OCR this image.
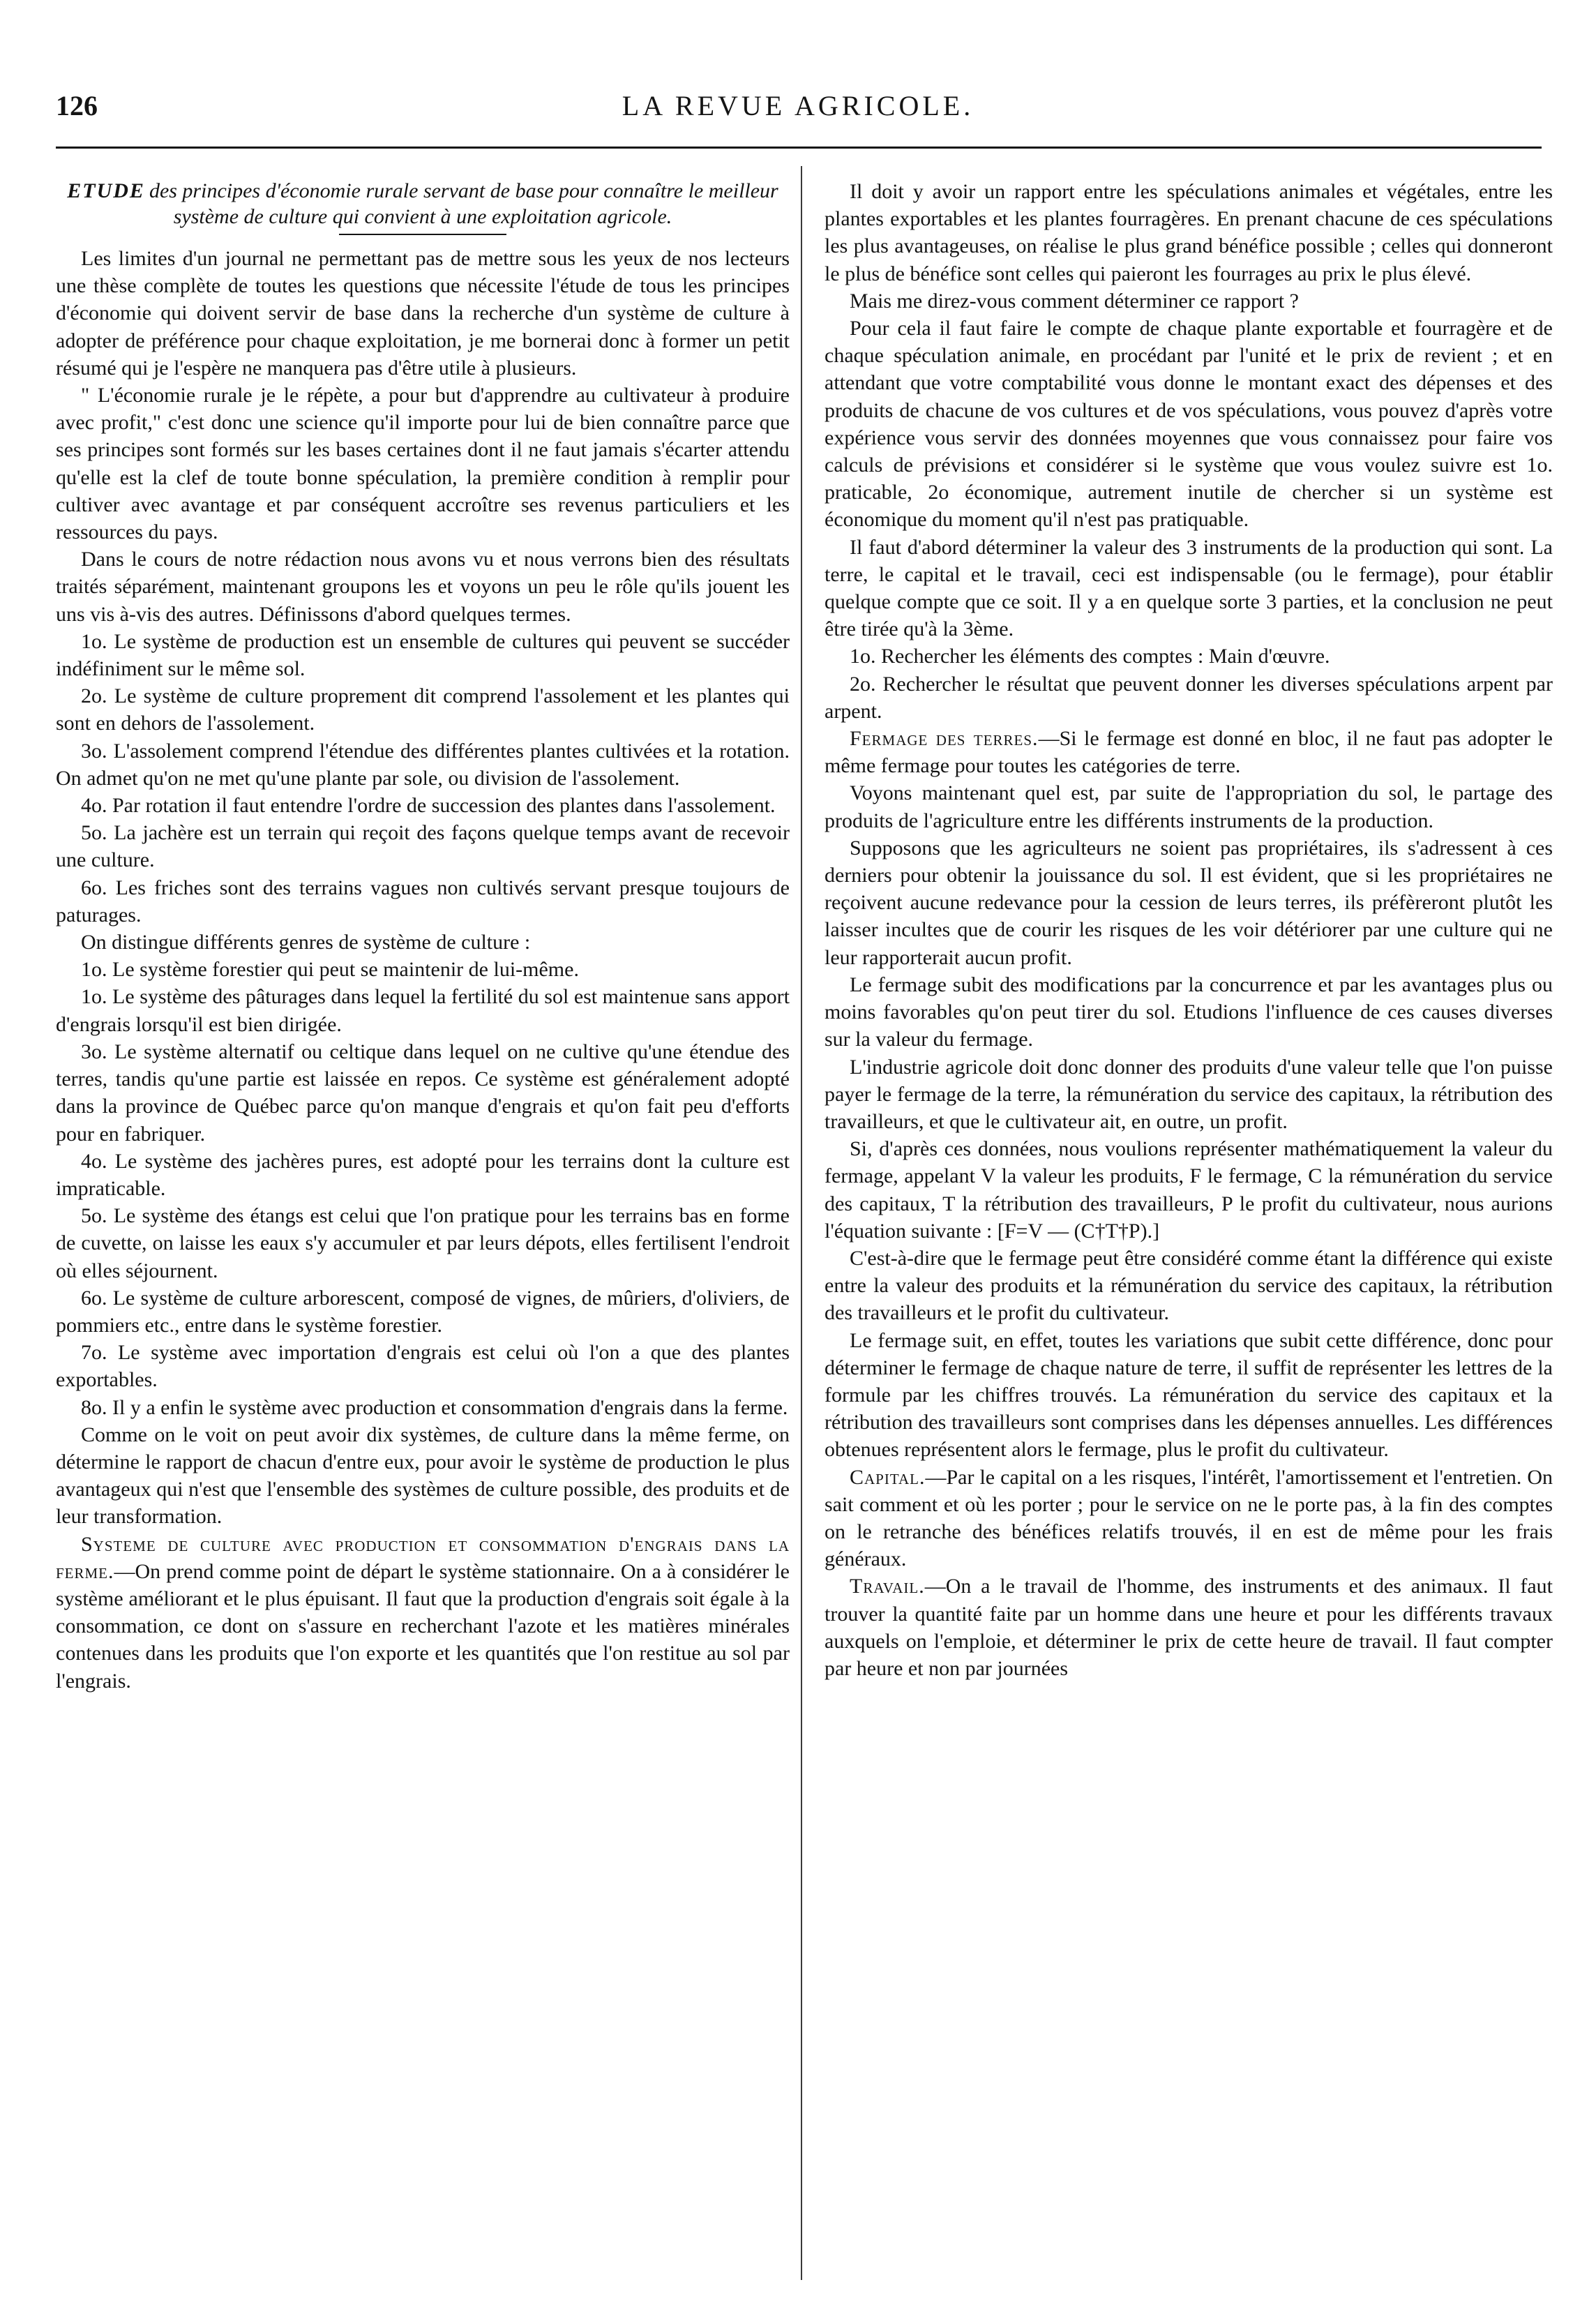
126	LA REVUE AGRICOLE.
ETUDE des principes d'économie rurale servant de base pour connaître le meilleur système de culture qui convient à une exploitation agricole.

Les limites d'un journal ne permettant pas de mettre sous les yeux de nos lecteurs une thèse complète de toutes les questions que nécessite l'étude de tous les principes d'économie qui doivent servir de base dans la recherche d'un système de culture à adopter de préférence pour chaque exploitation, je me bornerai donc à former un petit résumé qui je l'espère ne manquera pas d'être utile à plusieurs.

" L'économie rurale je le répète, a pour but d'apprendre au cultivateur à produire avec profit," c'est donc une science qu'il importe pour lui de bien connaître parce que ses principes sont formés sur les bases certaines dont il ne faut jamais s'écarter attendu qu'elle est la clef de toute bonne spéculation, la première condition à remplir pour cultiver avec avantage et par conséquent accroître ses revenus particuliers et les ressources du pays.

Dans le cours de notre rédaction nous avons vu et nous verrons bien des résultats traités séparément, maintenant groupons les et voyons un peu le rôle qu'ils jouent les uns vis à-vis des autres. Définissons d'abord quelques termes.

1o. Le système de production est un ensemble de cultures qui peuvent se succéder indéfiniment sur le même sol.

2o. Le système de culture proprement dit comprend l'assolement et les plantes qui sont en dehors de l'assolement.

3o. L'assolement comprend l'étendue des différentes plantes cultivées et la rotation. On admet qu'on ne met qu'une plante par sole, ou division de l'assolement.

4o. Par rotation il faut entendre l'ordre de succession des plantes dans l'assolement.

5o. La jachère est un terrain qui reçoit des façons quelque temps avant de recevoir une culture.

6o. Les friches sont des terrains vagues non cultivés servant presque toujours de paturages.

On distingue différents genres de système de culture :

1o. Le système forestier qui peut se maintenir de lui-même.

1o. Le système des pâturages dans lequel la fertilité du sol est maintenue sans apport d'engrais lorsqu'il est bien dirigée.

3o. Le système alternatif ou celtique dans lequel on ne cultive qu'une étendue des terres, tandis qu'une partie est laissée en repos. Ce système est généralement adopté dans la province de Québec parce qu'on manque d'engrais et qu'on fait peu d'efforts pour en fabriquer.

4o. Le système des jachères pures, est adopté pour les terrains dont la culture est impraticable.

5o. Le système des étangs est celui que l'on pratique pour les terrains bas en forme de cuvette, on laisse les eaux s'y accumuler et par leurs dépots, elles fertilisent l'endroit où elles séjournent.

6o. Le système de culture arborescent, composé de vignes, de mûriers, d'oliviers, de pommiers etc., entre dans le système forestier.

7o. Le système avec importation d'engrais est celui où l'on a que des plantes exportables.

8o. Il y a enfin le système avec production et consommation d'engrais dans la ferme.

Comme on le voit on peut avoir dix systèmes, de culture dans la même ferme, on détermine le rapport de chacun d'entre eux, pour avoir le système de production le plus avantageux qui n'est que l'ensemble des systèmes de culture possible, des produits et de leur transformation.

Systeme de culture avec production et consommation d'engrais dans la ferme.—On prend comme point de départ le système stationnaire. On a à considérer le système améliorant et le plus épuisant. Il faut que la production d'engrais soit égale à la consommation, ce dont on s'assure en recherchant l'azote et les matières minérales contenues dans les produits que l'on exporte et les quantités que l'on restitue au sol par l'engrais.

Il doit y avoir un rapport entre les spéculations animales et végétales, entre les plantes exportables et les plantes fourragères. En prenant chacune de ces spéculations les plus avantageuses, on réalise le plus grand bénéfice possible ; celles qui donneront le plus de bénéfice sont celles qui paieront les fourrages au prix le plus élevé.

Mais me direz-vous comment déterminer ce rapport ?

Pour cela il faut faire le compte de chaque plante exportable et fourragère et de chaque spéculation animale, en procédant par l'unité et le prix de revient ; et en attendant que votre comptabilité vous donne le montant exact des dépenses et des produits de chacune de vos cultures et de vos spéculations, vous pouvez d'après votre expérience vous servir des données moyennes que vous connaissez pour faire vos calculs de prévisions et considérer si le système que vous voulez suivre est 1o. praticable, 2o économique, autrement inutile de chercher si un système est économique du moment qu'il n'est pas pratiquable.

Il faut d'abord déterminer la valeur des 3 instruments de la production qui sont. La terre, le capital et le travail, ceci est indispensable (ou le fermage), pour établir quelque compte que ce soit. Il y a en quelque sorte 3 parties, et la conclusion ne peut être tirée qu'à la 3ème.

1o. Rechercher les éléments des comptes : Main d'œuvre.

2o. Rechercher le résultat que peuvent donner les diverses spéculations arpent par arpent.

Fermage des terres.—Si le fermage est donné en bloc, il ne faut pas adopter le même fermage pour toutes les catégories de terre.

Voyons maintenant quel est, par suite de l'appropriation du sol, le partage des produits de l'agriculture entre les différents instruments de la production.

Supposons que les agriculteurs ne soient pas propriétaires, ils s'adressent à ces derniers pour obtenir la jouissance du sol. Il est évident, que si les propriétaires ne reçoivent aucune redevance pour la cession de leurs terres, ils préfèreront plutôt les laisser incultes que de courir les risques de les voir détériorer par une culture qui ne leur rapporterait aucun profit.

Le fermage subit des modifications par la concurrence et par les avantages plus ou moins favorables qu'on peut tirer du sol. Etudions l'influence de ces causes diverses sur la valeur du fermage.

L'industrie agricole doit donc donner des produits d'une valeur telle que l'on puisse payer le fermage de la terre, la rémunération du service des capitaux, la rétribution des travailleurs, et que le cultivateur ait, en outre, un profit.

Si, d'après ces données, nous voulions représenter mathématiquement la valeur du fermage, appelant V la valeur les produits, F le fermage, C la rémunération du service des capitaux, T la rétribution des travailleurs, P le profit du cultivateur, nous aurions l'équation suivante : [F=V — (C†T†P).]

C'est-à-dire que le fermage peut être considéré comme étant la différence qui existe entre la valeur des produits et la rémunération du service des capitaux, la rétribution des travailleurs et le profit du cultivateur.

Le fermage suit, en effet, toutes les variations que subit cette différence, donc pour déterminer le fermage de chaque nature de terre, il suffit de représenter les lettres de la formule par les chiffres trouvés. La rémunération du service des capitaux et la rétribution des travailleurs sont comprises dans les dépenses annuelles. Les différences obtenues représentent alors le fermage, plus le profit du cultivateur.

Capital.—Par le capital on a les risques, l'intérêt, l'amortissement et l'entretien. On sait comment et où les porter ; pour le service on ne le porte pas, à la fin des comptes on le retranche des bénéfices relatifs trouvés, il en est de même pour les frais généraux.

Travail.—On a le travail de l'homme, des instruments et des animaux. Il faut trouver la quantité faite par un homme dans une heure et pour les différents travaux auxquels on l'emploie, et déterminer le prix de cette heure de travail. Il faut compter par heure et non par journées
